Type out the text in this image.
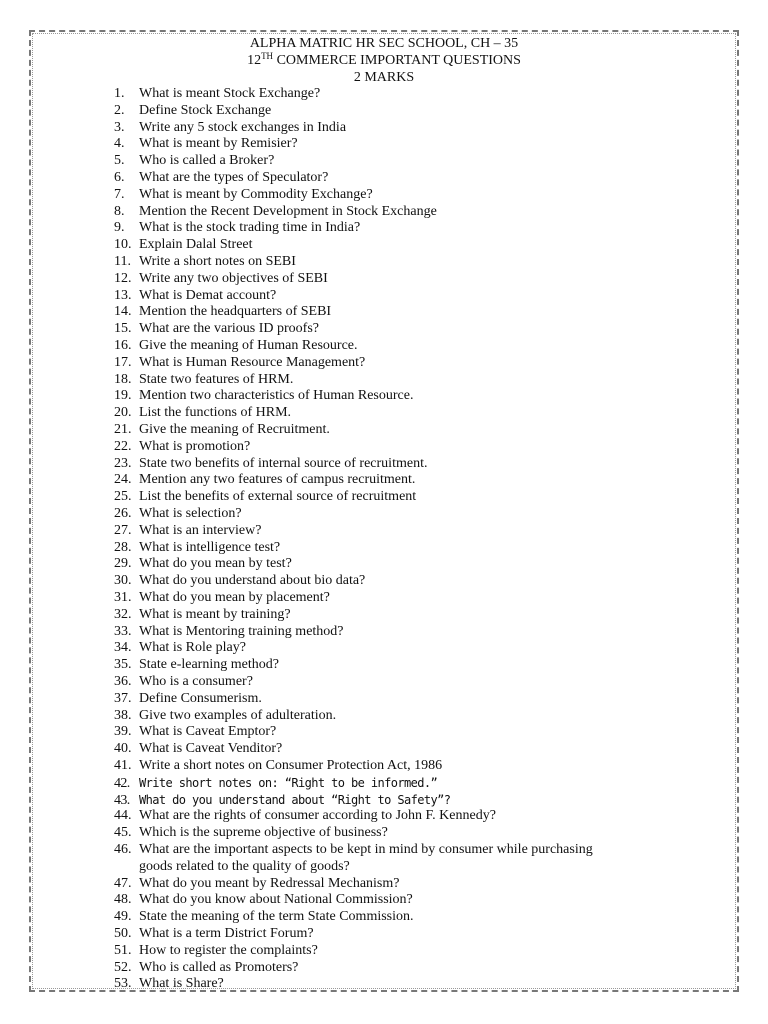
ALPHA MATRIC HR SEC SCHOOL, CH – 35
12TH COMMERCE IMPORTANT QUESTIONS
2 MARKS
1. What is meant Stock Exchange?
2. Define Stock Exchange
3. Write any 5 stock exchanges in India
4. What is meant by Remisier?
5. Who is called a Broker?
6. What are the types of Speculator?
7. What is meant by Commodity Exchange?
8. Mention the Recent Development in Stock Exchange
9. What is the stock trading time in India?
10. Explain Dalal Street
11. Write a short notes on SEBI
12. Write any two objectives of SEBI
13. What is Demat account?
14. Mention the headquarters of SEBI
15. What are the various ID proofs?
16. Give the meaning of Human Resource.
17. What is Human Resource Management?
18. State two features of HRM.
19. Mention two characteristics of Human Resource.
20. List the functions of HRM.
21. Give the meaning of Recruitment.
22. What is promotion?
23. State two benefits of internal source of recruitment.
24. Mention any two features of campus recruitment.
25. List the benefits of external source of recruitment
26. What is selection?
27. What is an interview?
28. What is intelligence test?
29. What do you mean by test?
30. What do you understand about bio data?
31. What do you mean by placement?
32. What is meant by training?
33. What is Mentoring training method?
34. What is Role play?
35. State e-learning method?
36. Who is a consumer?
37. Define Consumerism.
38. Give two examples of adulteration.
39. What is Caveat Emptor?
40. What is Caveat Venditor?
41. Write a short notes on Consumer Protection Act, 1986
42. Write short notes on: “Right to be informed.”
43. What do you understand about “Right to Safety”?
44. What are the rights of consumer according to John F. Kennedy?
45. Which is the supreme objective of business?
46. What are the important aspects to be kept in mind by consumer while purchasing
goods related to the quality of goods?
47. What do you meant by Redressal Mechanism?
48. What do you know about National Commission?
49. State the meaning of the term State Commission.
50. What is a term District Forum?
51. How to register the complaints?
52. Who is called as Promoters?
53. What is Share?
